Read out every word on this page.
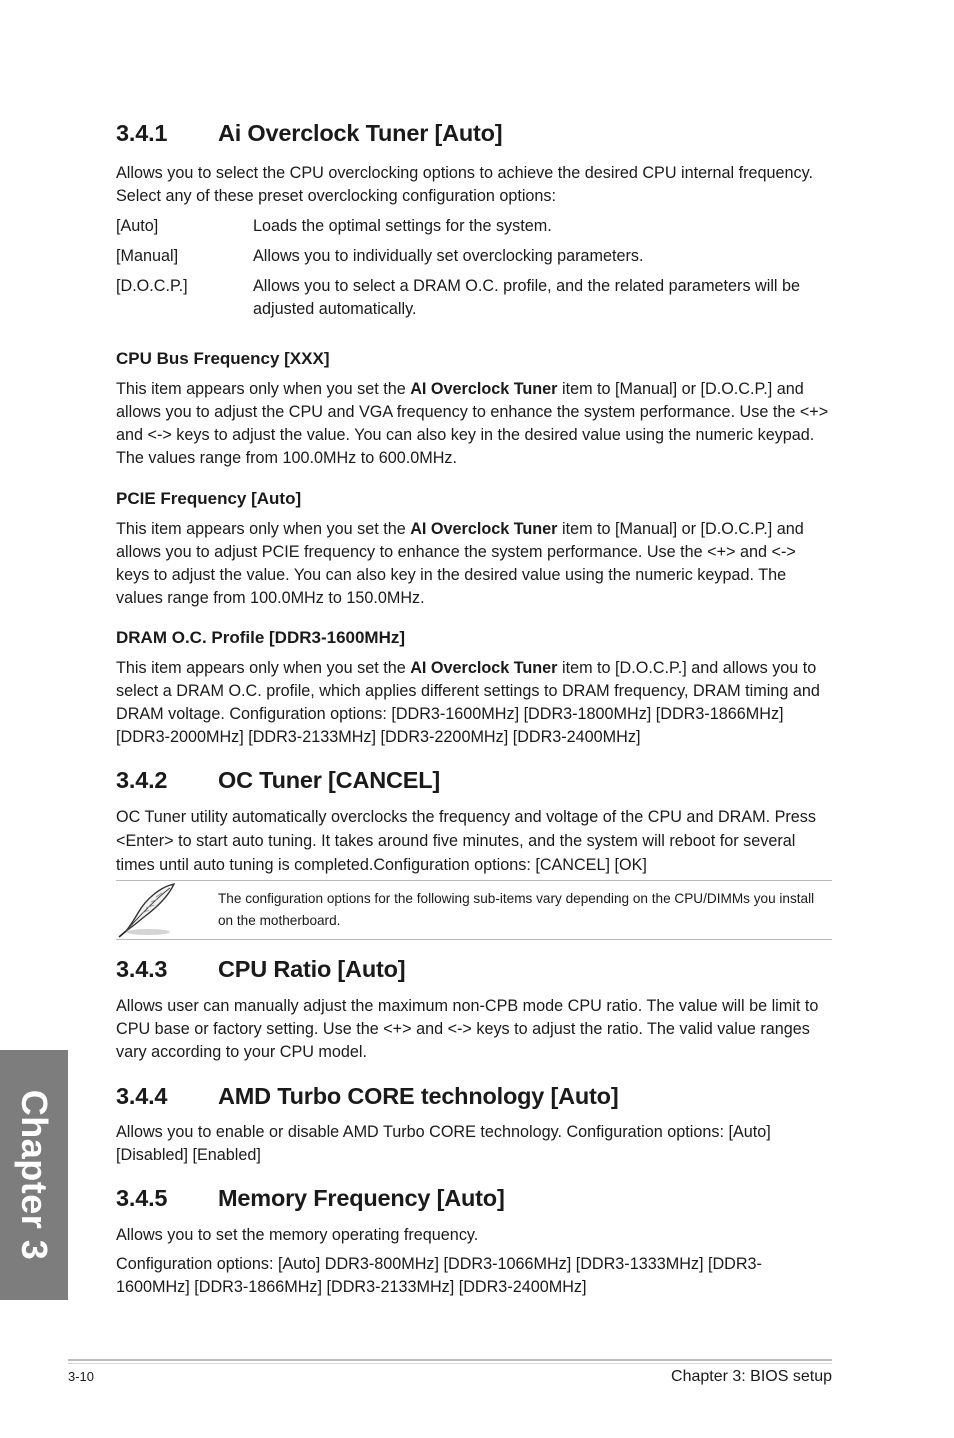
3.4.1	Ai Overclock Tuner [Auto]

Allows you to select the CPU overclocking options to achieve the desired CPU internal frequency. Select any of these preset overclocking configuration options:

[Auto]	Loads the optimal settings for the system.
[Manual]	Allows you to individually set overclocking parameters.
[D.O.C.P.]	Allows you to select a DRAM O.C. profile, and the related parameters will be adjusted automatically.
CPU Bus Frequency [XXX]

This item appears only when you set the AI Overclock Tuner item to [Manual] or [D.O.C.P.] and allows you to adjust the CPU and VGA frequency to enhance the system performance. Use the <+> and <-> keys to adjust the value. You can also key in the desired value using the numeric keypad. The values range from 100.0MHz to 600.0MHz.

PCIE Frequency [Auto]

This item appears only when you set the AI Overclock Tuner item to [Manual] or [D.O.C.P.] and allows you to adjust PCIE frequency to enhance the system performance. Use the <+> and <-> keys to adjust the value. You can also key in the desired value using the numeric keypad. The values range from 100.0MHz to 150.0MHz.

DRAM O.C. Profile [DDR3-1600MHz]

This item appears only when you set the AI Overclock Tuner item to [D.O.C.P.] and allows you to select a DRAM O.C. profile, which applies different settings to DRAM frequency, DRAM timing and DRAM voltage. Configuration options: [DDR3-1600MHz] [DDR3-1800MHz] [DDR3-1866MHz] [DDR3-2000MHz] [DDR3-2133MHz] [DDR3-2200MHz] [DDR3-2400MHz]

3.4.2	OC Tuner [CANCEL]

OC Tuner utility automatically overclocks the frequency and voltage of the CPU and DRAM. Press <Enter> to start auto tuning. It takes around five minutes, and the system will reboot for several times until auto tuning is completed.Configuration options: [CANCEL] [OK]

The configuration options for the following sub-items vary depending on the CPU/DIMMs you install on the motherboard.
3.4.3	CPU Ratio [Auto]

Allows user can manually adjust the maximum non-CPB mode CPU ratio. The value will be limit to CPU base or factory setting. Use the <+> and <-> keys to adjust the ratio. The valid value ranges vary according to your CPU model.

3.4.4	AMD Turbo CORE technology [Auto]

Allows you to enable or disable AMD Turbo CORE technology. Configuration options: [Auto] [Disabled] [Enabled]

3.4.5	Memory Frequency [Auto]

Allows you to set the memory operating frequency.

Configuration options: [Auto] DDR3-800MHz] [DDR3-1066MHz] [DDR3-1333MHz] [DDR3-1600MHz] [DDR3-1866MHz] [DDR3-2133MHz] [DDR3-2400MHz]

Chapter 3
3-10	Chapter 3: BIOS setup
